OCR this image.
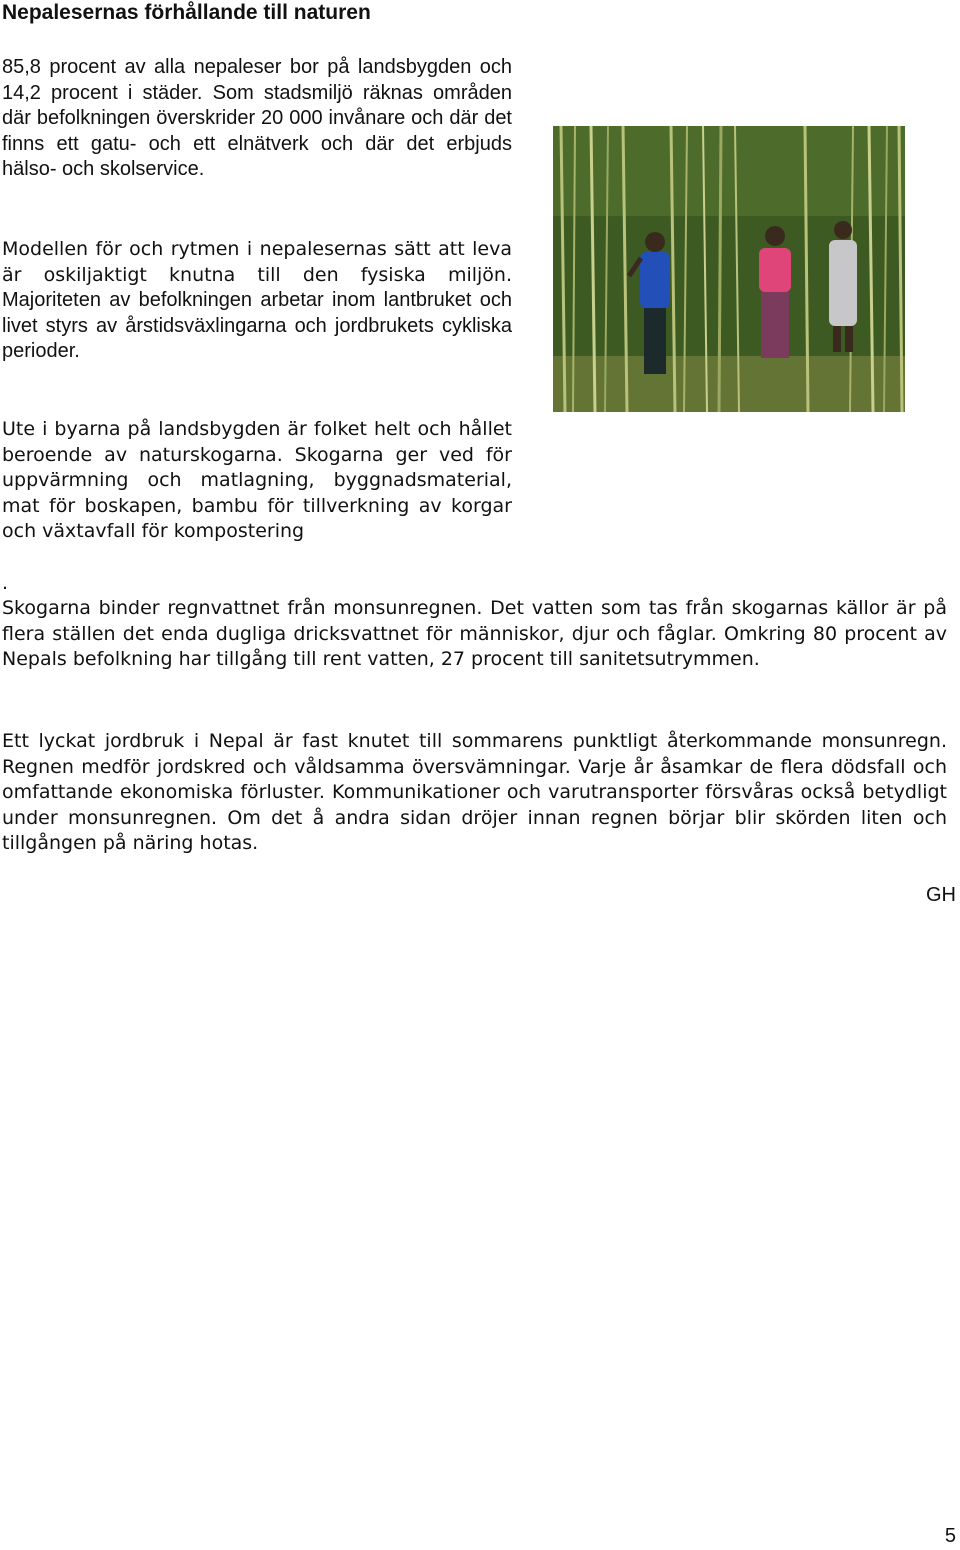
Nepalesernas förhållande till naturen

85,8 procent av alla nepaleser bor på landsbygden och 14,2 procent i städer. Som stadsmiljö räknas områden där befolkningen överskrider 20 000 invånare och där det finns ett gatu- och ett elnätverk och där det erbjuds hälso- och skolservice.

Modellen för och rytmen i nepalesernas sätt att leva är oskiljaktigt knutna till den fysiska miljön. Majoriteten av befolkningen arbetar inom lantbruket och livet styrs av årstidsväxlingarna och jordbrukets cykliska perioder.

Ute i byarna på landsbygden är folket helt och hållet beroende av naturskogarna. Skogarna ger ved för uppvärmning och matlagning, byggnadsmaterial, mat för boskapen, bambu för tillverkning av korgar och växtavfall för kompostering

.

Skogarna binder regnvattnet från monsunregnen. Det vatten som tas från skogarnas källor är på flera ställen det enda dugliga dricksvattnet för människor, djur och fåglar. Omkring 80 procent av Nepals befolkning har tillgång till rent vatten, 27 procent till sanitetsutrymmen.

Ett lyckat jordbruk i Nepal är fast knutet till sommarens punktligt återkommande monsunregn. Regnen medför jordskred och våldsamma översvämningar. Varje år åsamkar de flera dödsfall och omfattande ekonomiska förluster. Kommunikationer och varutransporter försvåras också betydligt under monsunregnen. Om det å andra sidan dröjer innan regnen börjar blir skörden liten och tillgången på näring hotas.

GH

5
